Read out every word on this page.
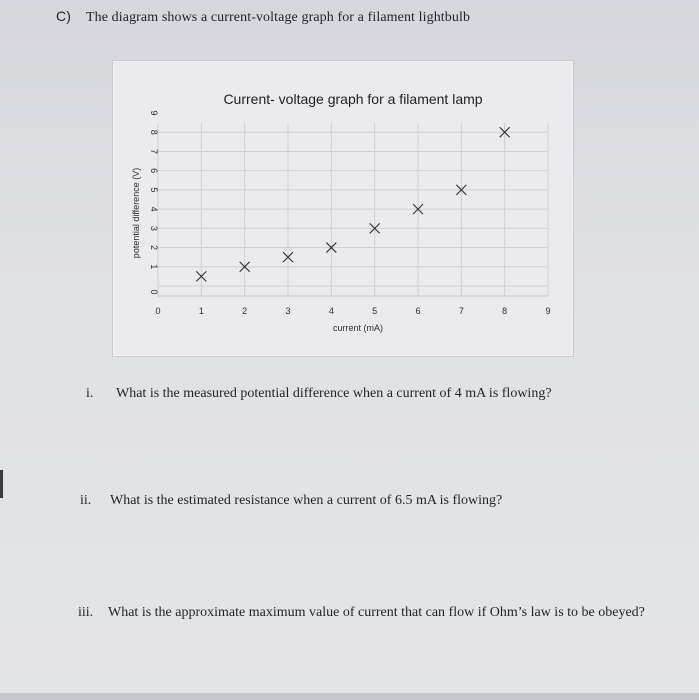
C) The diagram shows a current-voltage graph for a filament lightbulb
Current- voltage graph for a filament lamp
0	1	2	3	4	5	6	7	8	9
0
1
2
3
4
5
6
7
8
9
current (mA)
potential difference (V)
i. What is the measured potential difference when a current of 4 mA is flowing?
ii. What is the estimated resistance when a current of 6.5 mA is flowing?
iii. What is the approximate maximum value of current that can flow if Ohm’s law is to be obeyed?
